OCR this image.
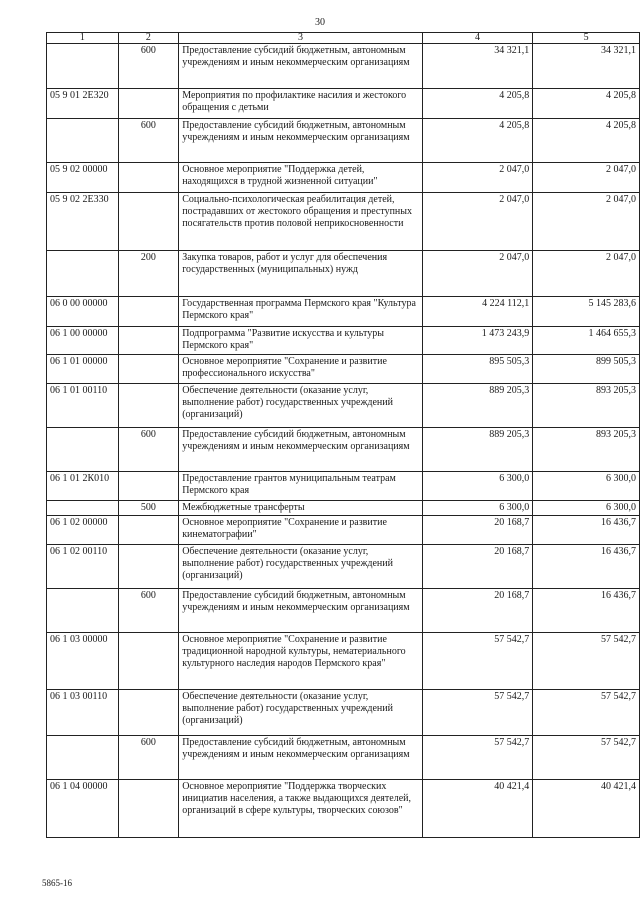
30
1	2	3	4	5
	600	Предоставление субсидий бюджетным, автономным учреждениям и иным некоммерческим организациям	34 321,1	34 321,1
05 9 01 2E320		Мероприятия по профилактике насилия и жестокого обращения с детьми	4 205,8	4 205,8
	600	Предоставление субсидий бюджетным, автономным учреждениям и иным некоммерческим организациям	4 205,8	4 205,8
05 9 02 00000		Основное мероприятие "Поддержка детей, находящихся в трудной жизненной ситуации"	2 047,0	2 047,0
05 9 02 2E330		Социально-психологическая реабилитация детей, пострадавших от жестокого обращения и преступных посягательств против половой неприкосновенности	2 047,0	2 047,0
	200	Закупка товаров, работ и услуг для обеспечения государственных (муниципальных) нужд	2 047,0	2 047,0
06 0 00 00000		Государственная программа Пермского края "Культура Пермского края"	4 224 112,1	5 145 283,6
06 1 00 00000		Подпрограмма "Развитие искусства и культуры Пермского края"	1 473 243,9	1 464 655,3
06 1 01 00000		Основное мероприятие "Сохранение и развитие профессионального искусства"	895 505,3	899 505,3
06 1 01 00110		Обеспечение деятельности (оказание услуг, выполнение работ) государственных учреждений (организаций)	889 205,3	893 205,3
	600	Предоставление субсидий бюджетным, автономным учреждениям и иным некоммерческим организациям	889 205,3	893 205,3
06 1 01 2К010		Предоставление грантов муниципальным театрам Пермского края	6 300,0	6 300,0
	500	Межбюджетные трансферты	6 300,0	6 300,0
06 1 02 00000		Основное мероприятие "Сохранение и развитие кинематографии"	20 168,7	16 436,7
06 1 02 00110		Обеспечение деятельности (оказание услуг, выполнение работ) государственных учреждений (организаций)	20 168,7	16 436,7
	600	Предоставление субсидий бюджетным, автономным учреждениям и иным некоммерческим организациям	20 168,7	16 436,7
06 1 03 00000		Основное мероприятие "Сохранение и развитие традиционной народной культуры, нематериального культурного наследия народов Пермского края"	57 542,7	57 542,7
06 1 03 00110		Обеспечение деятельности (оказание услуг, выполнение работ) государственных учреждений (организаций)	57 542,7	57 542,7
	600	Предоставление субсидий бюджетным, автономным учреждениям и иным некоммерческим организациям	57 542,7	57 542,7
06 1 04 00000		Основное мероприятие "Поддержка творческих инициатив населения, а также выдающихся деятелей, организаций в сфере культуры, творческих союзов"	40 421,4	40 421,4
5865-16
